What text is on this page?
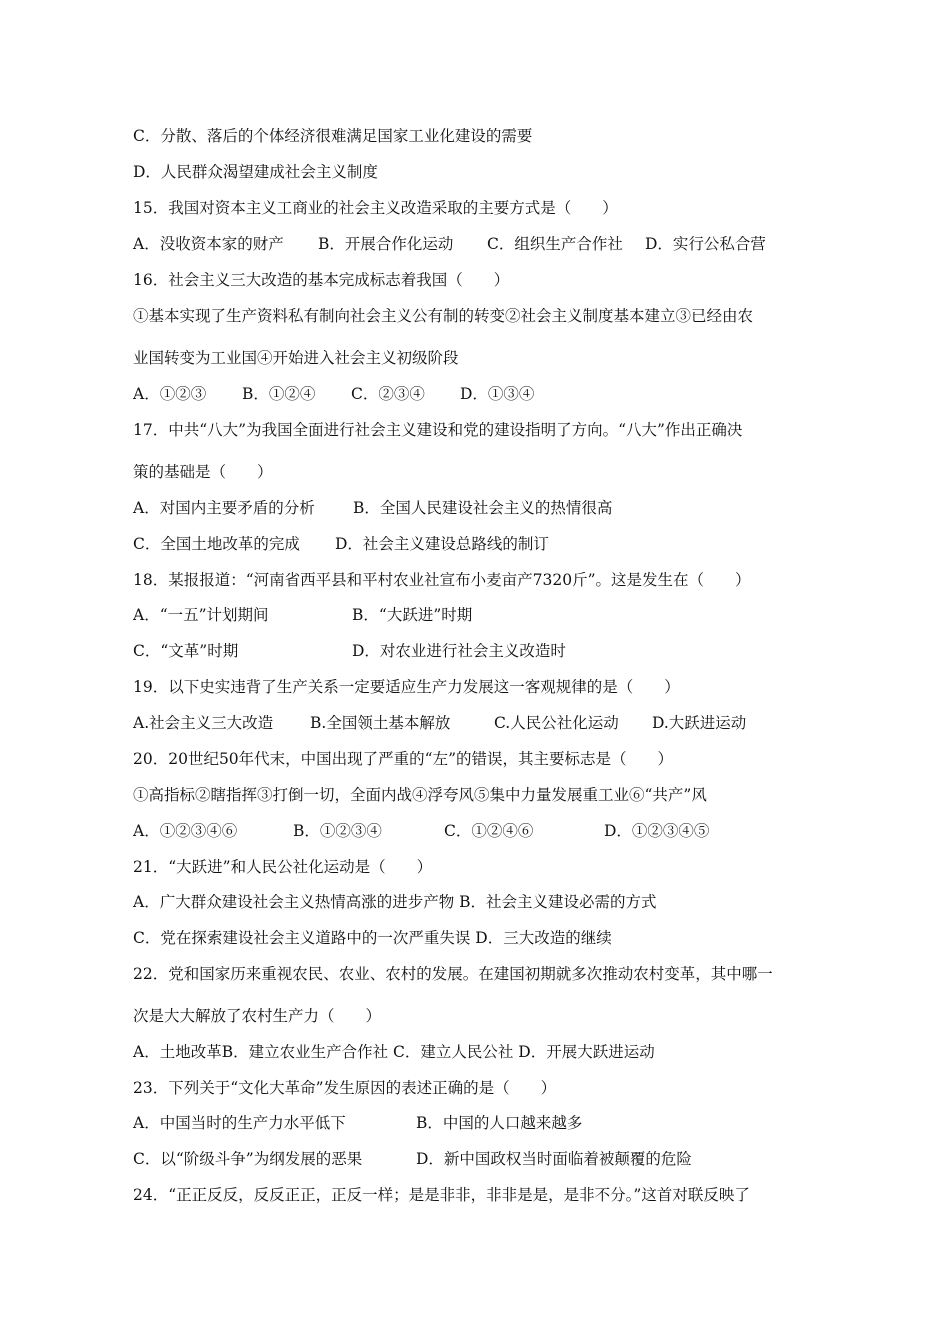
C．分散、落后的个体经济很难满足国家工业化建设的需要
D．人民群众渴望建成社会主义制度
15．我国对资本主义工商业的社会主义改造采取的主要方式是（　　）
A．没收资本家的财产 B．开展合作化运动 C．组织生产合作社 D．实行公私合营
16．社会主义三大改造的基本完成标志着我国（　　）
①基本实现了生产资料私有制向社会主义公有制的转变②社会主义制度基本建立③已经由农
业国转变为工业国④开始进入社会主义初级阶段
A．①②③ B．①②④ C．②③④ D．①③④
17．中共“八大”为我国全面进行社会主义建设和党的建设指明了方向。“八大”作出正确决
策的基础是（　　）
A．对国内主要矛盾的分析 B．全国人民建设社会主义的热情很高
C．全国土地改革的完成 D．社会主义建设总路线的制订
18．某报报道：“河南省西平县和平村农业社宣布小麦亩产7320斤”。这是发生在（　　）
A．“一五”计划期间	B．“大跃进”时期
C．“文革”时期	D．对农业进行社会主义改造时
19．以下史实违背了生产关系一定要适应生产力发展这一客观规律的是（　　）
A.社会主义三大改造 B.全国领土基本解放	C.人民公社化运动 D.大跃进运动
20．20世纪50年代末，中国出现了严重的“左”的错误，其主要标志是（　　）
①高指标②瞎指挥③打倒一切，全面内战④浮夸风⑤集中力量发展重工业⑥“共产”风
A．①②③④⑥	B．①②③④	C．①②④⑥	D．①②③④⑤
21．“大跃进”和人民公社化运动是（　　）
A．广大群众建设社会主义热情高涨的进步产物 B．社会主义建设必需的方式
C．党在探索建设社会主义道路中的一次严重失误 D．三大改造的继续
22．党和国家历来重视农民、农业、农村的发展。在建国初期就多次推动农村变革，其中哪一
次是大大解放了农村生产力（　　）
A．土地改革B．建立农业生产合作社 C．建立人民公社 D．开展大跃进运动
23．下列关于“文化大革命”发生原因的表述正确的是（　　）
A．中国当时的生产力水平低下	B．中国的人口越来越多
C．以“阶级斗争”为纲发展的恶果	D．新中国政权当时面临着被颠覆的危险
24．“正正反反，反反正正，正反一样；是是非非，非非是是，是非不分。”这首对联反映了
